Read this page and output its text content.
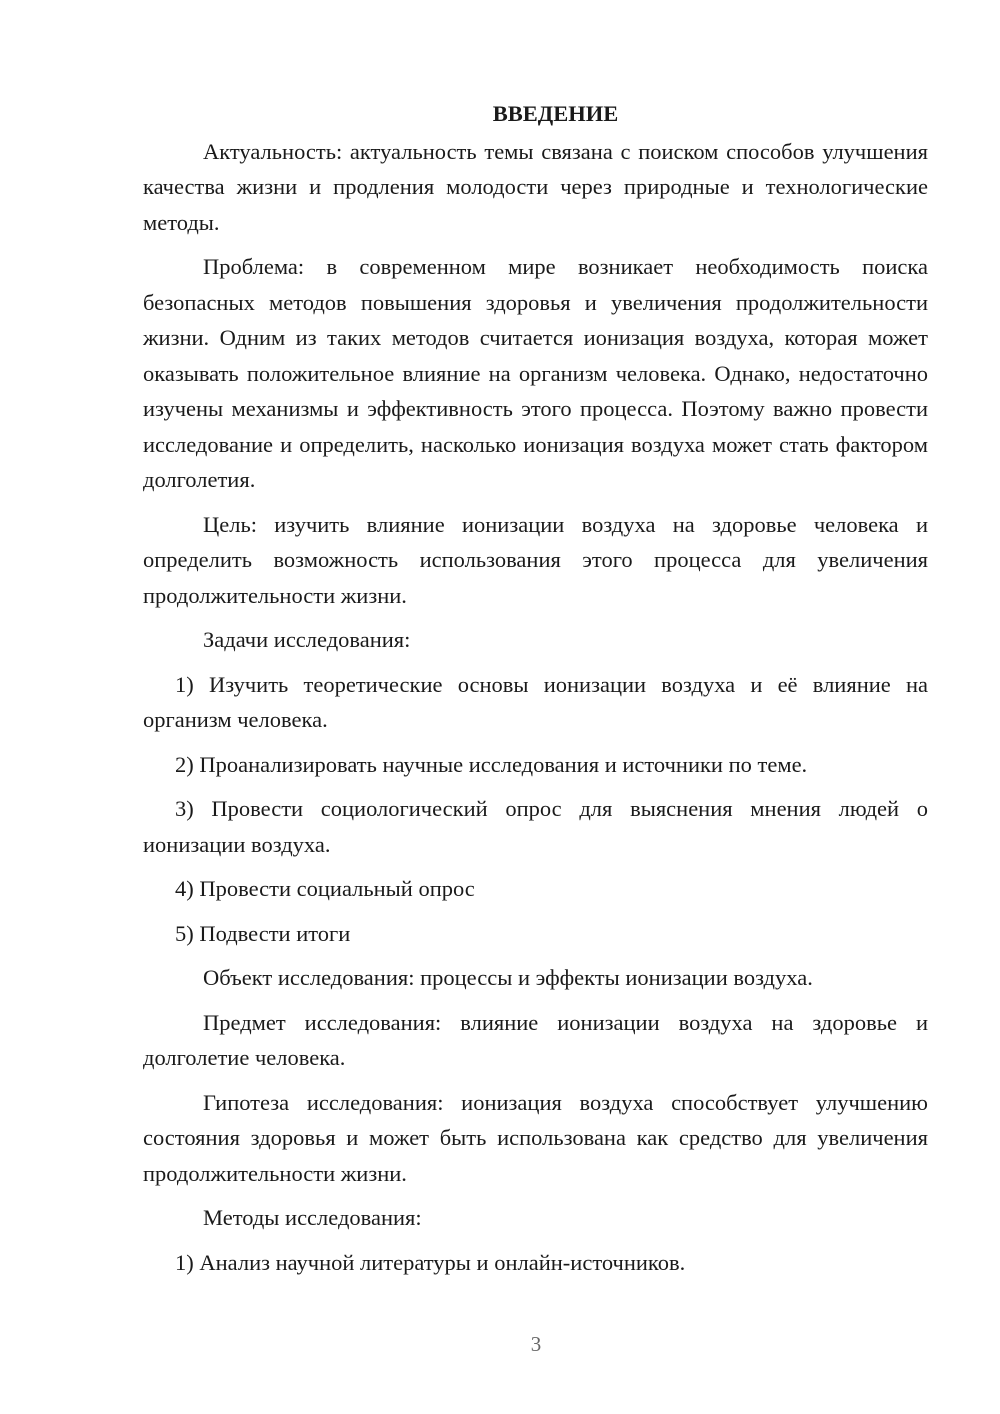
ВВЕДЕНИЕ

Актуальность: актуальность темы связана с поиском способов улучшения качества жизни и продления молодости через природные и технологические методы.

Проблема: в современном мире возникает необходимость поиска безопасных методов повышения здоровья и увеличения продолжительности жизни. Одним из таких методов считается ионизация воздуха, которая может оказывать положительное влияние на организм человека. Однако, недостаточно изучены механизмы и эффективность этого процесса. Поэтому важно провести исследование и определить, насколько ионизация воздуха может стать фактором долголетия.

Цель: изучить влияние ионизации воздуха на здоровье человека и определить возможность использования этого процесса для увеличения продолжительности жизни.

Задачи исследования:

1) Изучить теоретические основы ионизации воздуха и её влияние на организм человека.

2) Проанализировать научные исследования и источники по теме.

3) Провести социологический опрос для выяснения мнения людей о ионизации воздуха.

4) Провести социальный опрос

5) Подвести итоги

Объект исследования: процессы и эффекты ионизации воздуха.

Предмет исследования: влияние ионизации воздуха на здоровье и долголетие человека.

Гипотеза исследования: ионизация воздуха способствует улучшению состояния здоровья и может быть использована как средство для увеличения продолжительности жизни.

Методы исследования:

1) Анализ научной литературы и онлайн-источников.

3
